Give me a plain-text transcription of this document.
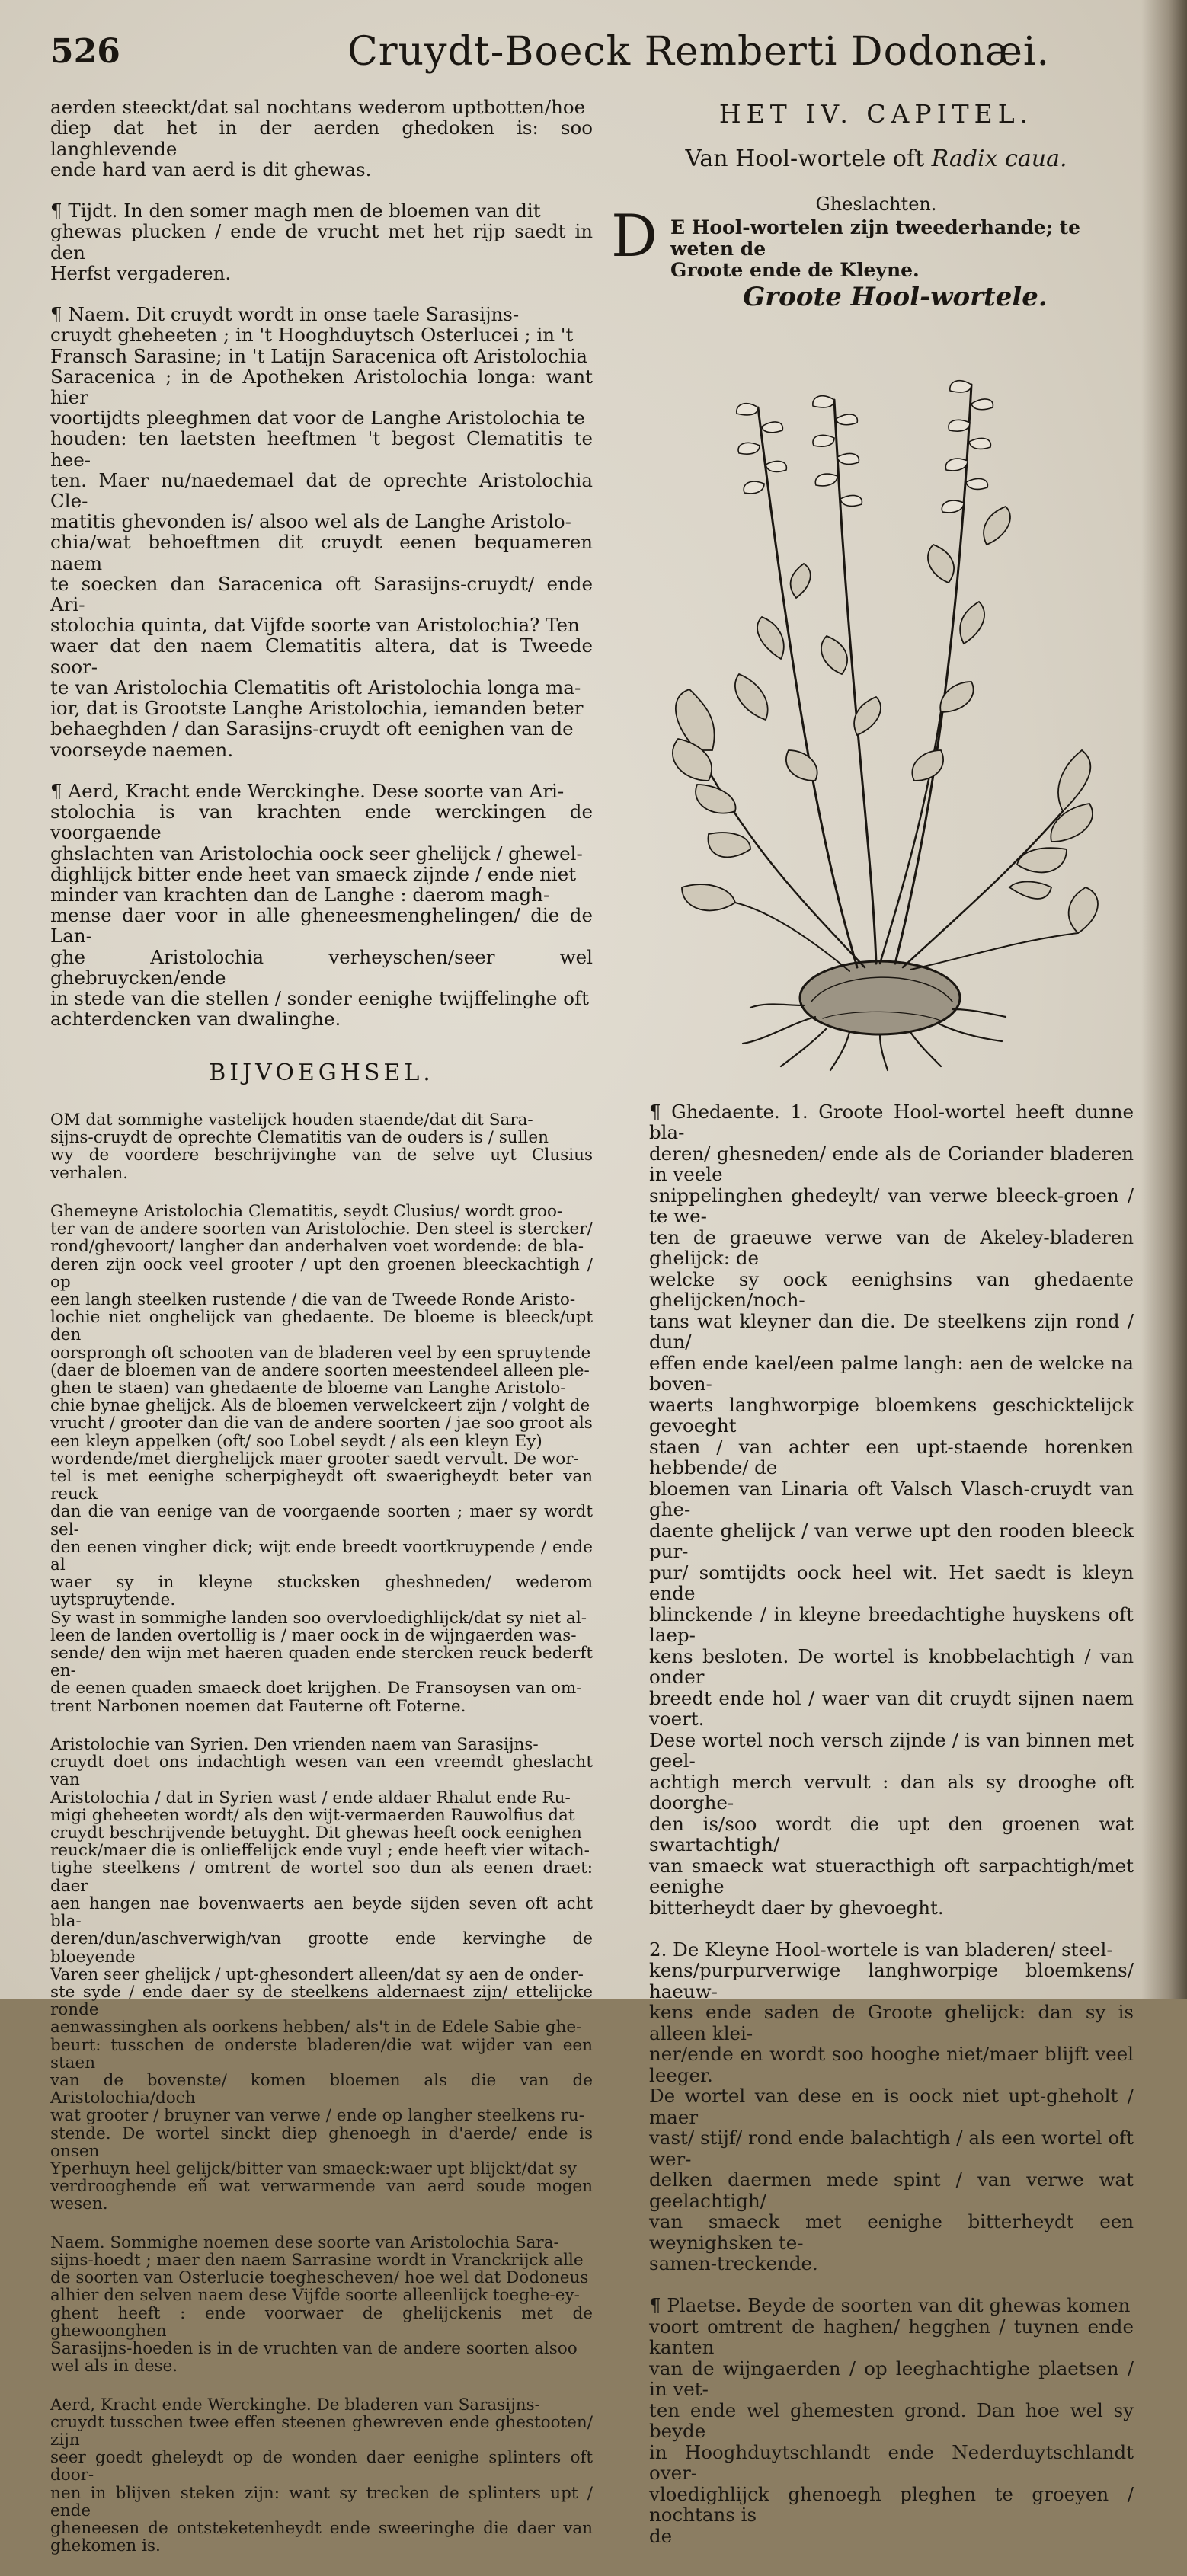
526	Cruydt-Boeck Remberti Dodonæi.

aerden steeckt/dat sal nochtans wederom uptbotten/hoe
diep dat het in der aerden ghedoken is: soo langhlevende
ende hard van aerd is dit ghewas.

¶ Tijdt. In den somer magh men de bloemen van dit
ghewas plucken / ende de vrucht met het rijp saedt in den
Herfst vergaderen.

¶ Naem. Dit cruydt wordt in onse taele Sarasijns-
cruydt gheheeten ; in 't Hooghduytsch Osterlucei ; in 't
Fransch Sarasine; in 't Latijn Saracenica oft Aristolochia
Saracenica ; in de Apotheken Aristolochia longa: want hier
voortijdts pleeghmen dat voor de Langhe Aristolochia te
houden: ten laetsten heeftmen 't begost Clematitis te hee-
ten. Maer nu/naedemael dat de oprechte Aristolochia Cle-
matitis ghevonden is/ alsoo wel als de Langhe Aristolo-
chia/wat behoeftmen dit cruydt eenen bequameren naem
te soecken dan Saracenica oft Sarasijns-cruydt/ ende Ari-
stolochia quinta, dat Vijfde soorte van Aristolochia? Ten
waer dat den naem Clematitis altera, dat is Tweede soor-
te van Aristolochia Clematitis oft Aristolochia longa ma-
ior, dat is Grootste Langhe Aristolochia, iemanden beter
behaeghden / dan Sarasijns-cruydt oft eenighen van de
voorseyde naemen.

¶ Aerd, Kracht ende Werckinghe. Dese soorte van Ari-
stolochia is van krachten ende werckingen de voorgaende
ghslachten van Aristolochia oock seer ghelijck / ghewel-
dighlijck bitter ende heet van smaeck zijnde / ende niet
minder van krachten dan de Langhe : daerom magh-
mense daer voor in alle gheneesmenghelingen/ die de Lan-
ghe Aristolochia verheyschen/seer wel ghebruycken/ende
in stede van die stellen / sonder eenighe twijffelinghe oft
achterdencken van dwalinghe.

BIJVOEGHSEL.

OM dat sommighe vastelijck houden staende/dat dit Sara-
sijns-cruydt de oprechte Clematitis van de ouders is / sullen
wy de voordere beschrijvinghe van de selve uyt Clusius verhalen.

Ghemeyne Aristolochia Clematitis, seydt Clusius/ wordt groo-
ter van de andere soorten van Aristolochie. Den steel is stercker/
rond/ghevoort/ langher dan anderhalven voet wordende: de bla-
deren zijn oock veel grooter / upt den groenen bleeckachtigh / op
een langh steelken rustende / die van de Tweede Ronde Aristo-
lochie niet onghelijck van ghedaente. De bloeme is bleeck/upt den
oorsprongh oft schooten van de bladeren veel by een spruytende
(daer de bloemen van de andere soorten meestendeel alleen ple-
ghen te staen) van ghedaente de bloeme van Langhe Aristolo-
chie bynae ghelijck. Als de bloemen verwelckeert zijn / volght de
vrucht / grooter dan die van de andere soorten / jae soo groot als
een kleyn appelken (oft/ soo Lobel seydt / als een kleyn Ey)
wordende/met dierghelijck maer grooter saedt vervult. De wor-
tel is met eenighe scherpigheydt oft swaerigheydt beter van reuck
dan die van eenige van de voorgaende soorten ; maer sy wordt sel-
den eenen vingher dick; wijt ende breedt voortkruypende / ende al
waer sy in kleyne stucksken gheshneden/ wederom uytspruytende.
Sy wast in sommighe landen soo overvloedighlijck/dat sy niet al-
leen de landen overtollig is / maer oock in de wijngaerden was-
sende/ den wijn met haeren quaden ende stercken reuck bederft en-
de eenen quaden smaeck doet krijghen. De Fransoysen van om-
trent Narbonen noemen dat Fauterne oft Foterne.

Aristolochie van Syrien. Den vrienden naem van Sarasijns-
cruydt doet ons indachtigh wesen van een vreemdt gheslacht van
Aristolochia / dat in Syrien wast / ende aldaer Rhalut ende Ru-
migi gheheeten wordt/ als den wijt-vermaerden Rauwolfius dat
cruydt beschrijvende betuyght. Dit ghewas heeft oock eenighen
reuck/maer die is onlieffelijck ende vuyl ; ende heeft vier witach-
tighe steelkens / omtrent de wortel soo dun als eenen draet: daer
aen hangen nae bovenwaerts aen beyde sijden seven oft acht bla-
deren/dun/aschverwigh/van grootte ende kervinghe de bloeyende
Varen seer ghelijck / upt-ghesondert alleen/dat sy aen de onder-
ste syde / ende daer sy de steelkens aldernaest zijn/ ettelijcke ronde
aenwassinghen als oorkens hebben/ als't in de Edele Sabie ghe-
beurt: tusschen de onderste bladeren/die wat wijder van een staen
van de bovenste/ komen bloemen als die van de Aristolochia/doch
wat grooter / bruyner van verwe / ende op langher steelkens ru-
stende. De wortel sinckt diep ghenoegh in d'aerde/ ende is onsen
Yperhuyn heel gelijck/bitter van smaeck:waer upt blijckt/dat sy
verdrooghende eñ wat verwarmende van aerd soude mogen wesen.

Naem. Sommighe noemen dese soorte van Aristolochia Sara-
sijns-hoedt ; maer den naem Sarrasine wordt in Vranckrijck alle
de soorten van Osterlucie toeghescheven/ hoe wel dat Dodoneus
alhier den selven naem dese Vijfde soorte alleenlijck toeghe-ey-
ghent heeft : ende voorwaer de ghelijckenis met de ghewoonghen
Sarasijns-hoeden is in de vruchten van de andere soorten alsoo
wel als in dese.

Aerd, Kracht ende Werckinghe. De bladeren van Sarasijns-
cruydt tusschen twee effen steenen ghewreven ende ghestooten/ zijn
seer goedt gheleydt op de wonden daer eenighe splinters oft door-
nen in blijven steken zijn: want sy trecken de splinters upt / ende
gheneesen de ontsteketenheydt ende sweeringhe die daer van ghekomen is.

HET IV. CAPITEL.

Van Hool-wortele oft Radix caua.

Gheslachten.

D E Hool-wortelen zijn tweederhande; te weten de
Groote ende de Kleyne.
Groote Hool-wortele.

¶ Ghedaente. 1. Groote Hool-wortel heeft dunne bla-
deren/ ghesneden/ ende als de Coriander bladeren in veele
snippelinghen ghedeylt/ van verwe bleeck-groen / te we-
ten de graeuwe verwe van de Akeley-bladeren ghelijck: de
welcke sy oock eenighsins van ghedaente ghelijcken/noch-
tans wat kleyner dan die. De steelkens zijn rond / dun/
effen ende kael/een palme langh: aen de welcke na boven-
waerts langhworpige bloemkens geschicktelijck gevoeght
staen / van achter een upt-staende horenken hebbende/ de
bloemen van Linaria oft Valsch Vlasch-cruydt van ghe-
daente ghelijck / van verwe upt den rooden bleeck pur-
pur/ somtijdts oock heel wit. Het saedt is kleyn ende
blinckende / in kleyne breedachtighe huyskens oft laep-
kens besloten. De wortel is knobbelachtigh / van onder
breedt ende hol / waer van dit cruydt sijnen naem voert.
Dese wortel noch versch zijnde / is van binnen met geel-
achtigh merch vervult : dan als sy drooghe oft doorghe-
den is/soo wordt die upt den groenen wat swartachtigh/
van smaeck wat stueracthigh oft sarpachtigh/met eenighe
bitterheydt daer by ghevoeght.

2. De Kleyne Hool-wortele is van bladeren/ steel-
kens/purpurverwige langhworpige bloemkens/ haeuw-
kens ende saden de Groote ghelijck: dan sy is alleen klei-
ner/ende en wordt soo hooghe niet/maer blijft veel leeger.
De wortel van dese en is oock niet upt-gheholt / maer
vast/ stijf/ rond ende balachtigh / als een wortel oft wer-
delken daermen mede spint / van verwe wat geelachtigh/
van smaeck met eenighe bitterheydt een weynighsken te-
samen-treckende.

¶ Plaetse. Beyde de soorten van dit ghewas komen
voort omtrent de haghen/ hegghen / tuynen ende kanten
van de wijngaerden / op leeghachtighe plaetsen / in vet-
ten ende wel ghemesten grond. Dan hoe wel sy beyde
in Hooghduytschlandt ende Nederduytschlandt over-
vloedighlijck ghenoegh pleghen te groeyen / nochtans is
de
